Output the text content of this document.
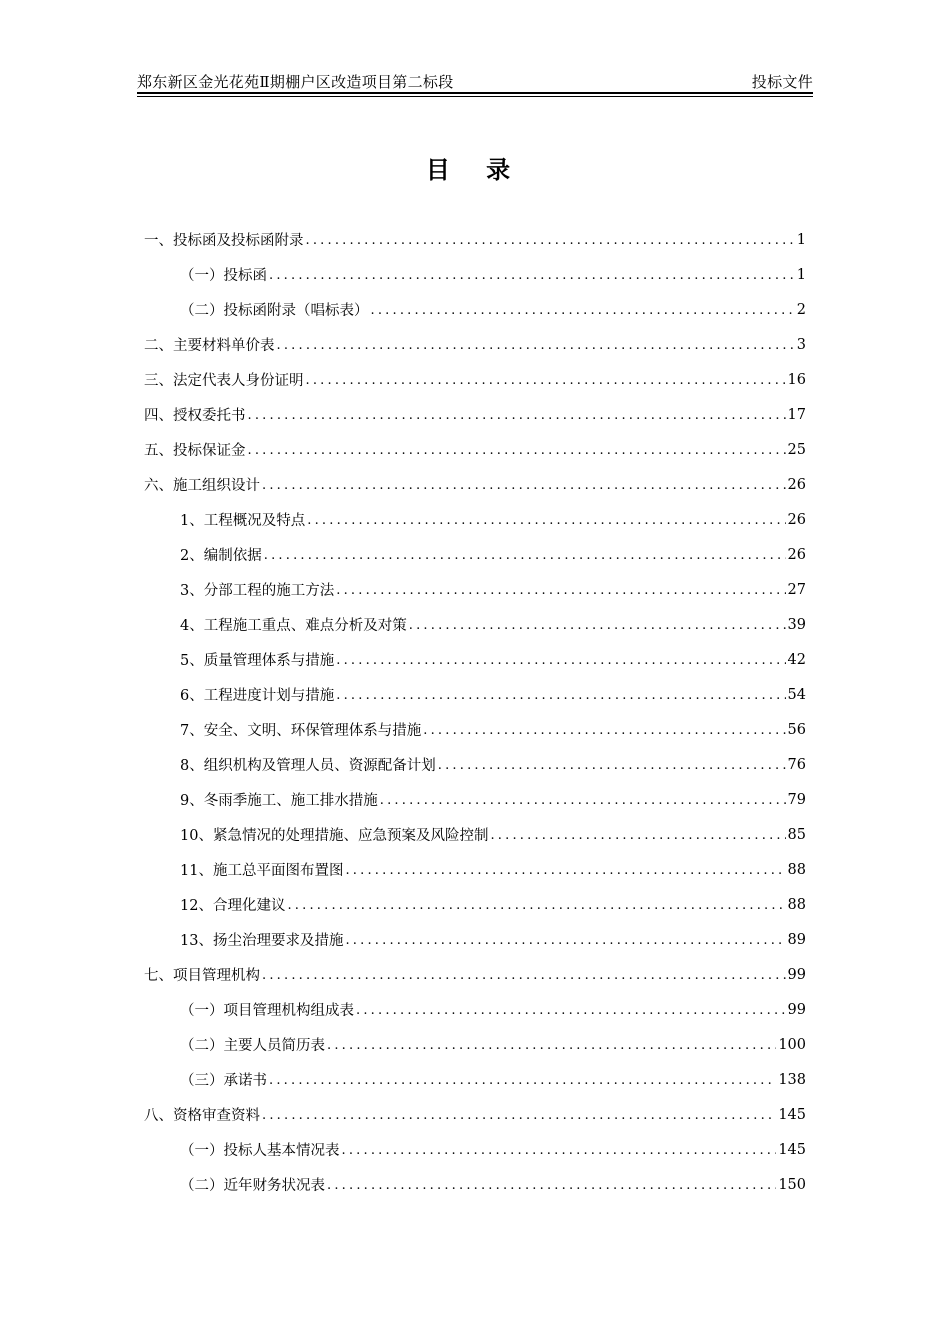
郑东新区金光花苑Ⅱ期棚户区改造项目第二标段	投标文件
目 录
一、投标函及投标函附录 .....	1
（一）投标函 .....	1
（二）投标函附录（唱标表） .....	2
二、主要材料单价表 .....	3
三、法定代表人身份证明 .....	16
四、授权委托书 .....	17
五、投标保证金 .....	25
六、施工组织设计 .....	26
1、工程概况及特点 .....	26
2、编制依据 .....	26
3、分部工程的施工方法 .....	27
4、工程施工重点、难点分析及对策 .....	39
5、质量管理体系与措施 .....	42
6、工程进度计划与措施 .....	54
7、安全、文明、环保管理体系与措施 .....	56
8、组织机构及管理人员、资源配备计划 .....	76
9、冬雨季施工、施工排水措施 .....	79
10、紧急情况的处理措施、应急预案及风险控制 .....	85
11、施工总平面图布置图 .....	88
12、合理化建议 .....	88
13、扬尘治理要求及措施 .....	89
七、项目管理机构 .....	99
（一）项目管理机构组成表 .....	99
（二）主要人员简历表 .....	100
（三）承诺书 .....	138
八、资格审查资料 .....	145
（一）投标人基本情况表 .....	145
（二）近年财务状况表 .....	150
